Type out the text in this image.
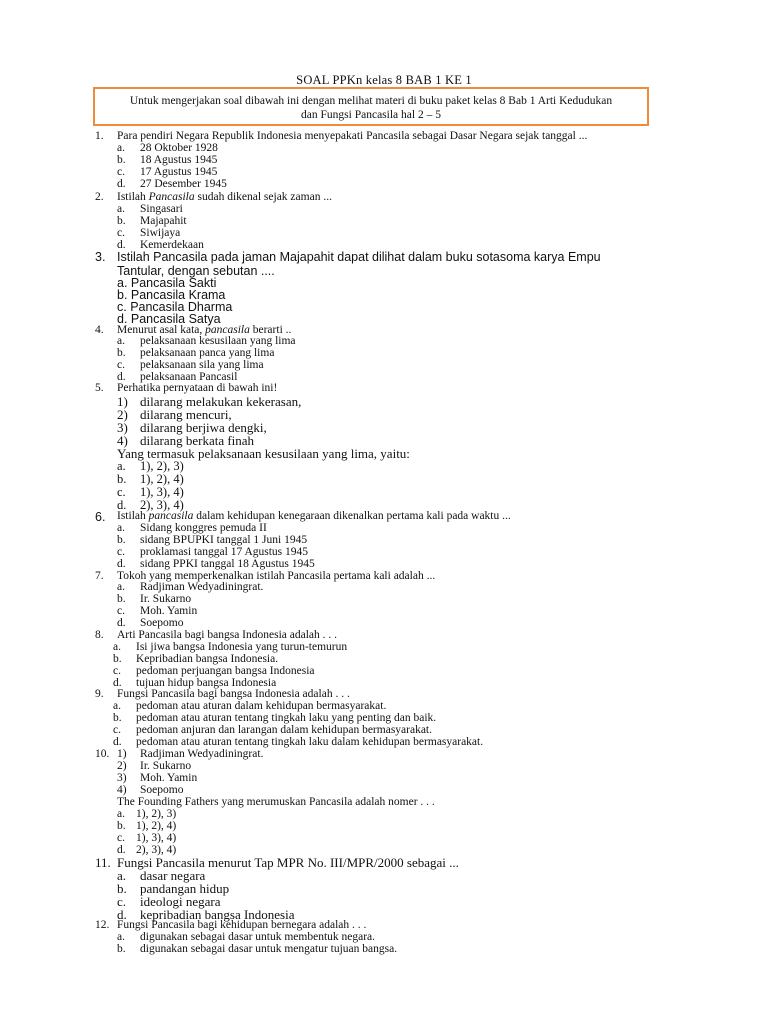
SOAL PPKn kelas 8 BAB 1 KE 1
Untuk mengerjakan soal dibawah ini dengan melihat materi di buku paket kelas 8 Bab 1 Arti Kedudukan
dan Fungsi Pancasila hal 2 – 5
1. Para pendiri Negara Republik Indonesia menyepakati Pancasila sebagai Dasar Negara sejak tanggal ...
a. 28 Oktober 1928
b. 18 Agustus 1945
c. 17 Agustus 1945
d. 27 Desember 1945
2. Istilah Pancasila sudah dikenal sejak zaman ...
a. Singasari
b. Majapahit
c. Siwijaya
d. Kemerdekaan
3. Istilah Pancasila pada jaman Majapahit dapat dilihat dalam buku sotasoma karya Empu
Tantular, dengan sebutan ....
a. Pancasila Sakti
b. Pancasila Krama
c. Pancasila Dharma
d. Pancasila Satya
4. Menurut asal kata, pancasila berarti ..
a. pelaksanaan kesusilaan yang lima
b. pelaksanaan panca yang lima
c. pelaksanaan sila yang lima
d. pelaksanaan Pancasil
5. Perhatika pernyataan di bawah ini!
1) dilarang melakukan kekerasan,
2) dilarang mencuri,
3) dilarang berjiwa dengki,
4) dilarang berkata finah
Yang termasuk pelaksanaan kesusilaan yang lima, yaitu:
a. 1), 2), 3)
b. 1), 2), 4)
c. 1), 3), 4)
d. 2), 3), 4)
6. Istilah pancasila dalam kehidupan kenegaraan dikenalkan pertama kali pada waktu ...
a. Sidang konggres pemuda II
b. sidang BPUPKI tanggal 1 Juni 1945
c. proklamasi tanggal 17 Agustus 1945
d. sidang PPKI tanggal 18 Agustus 1945
7. Tokoh yang memperkenalkan istilah Pancasila pertama kali adalah ...
a. Radjiman Wedyadiningrat.
b. Ir. Sukarno
c. Moh. Yamin
d. Soepomo
8. Arti Pancasila bagi bangsa Indonesia adalah . . .
a. Isi jiwa bangsa Indonesia yang turun-temurun
b. Kepribadian bangsa Indonesia.
c. pedoman perjuangan bangsa Indonesia
d. tujuan hidup bangsa Indonesia
9. Fungsi Pancasila bagi bangsa Indonesia adalah . . .
a. pedoman atau aturan dalam kehidupan bermasyarakat.
b. pedoman atau aturan tentang tingkah laku yang penting dan baik.
c. pedoman anjuran dan larangan dalam kehidupan bermasyarakat.
d. pedoman atau aturan tentang tingkah laku dalam kehidupan bermasyarakat.
10. 1) Radjiman Wedyadiningrat.
2) Ir. Sukarno
3) Moh. Yamin
4) Soepomo
The Founding Fathers yang merumuskan Pancasila adalah nomer . . .
a. 1), 2), 3)
b. 1), 2), 4)
c. 1), 3), 4)
d. 2), 3), 4)
11. Fungsi Pancasila menurut Tap MPR No. III/MPR/2000 sebagai ...
a. dasar negara
b. pandangan hidup
c. ideologi negara
d. kepribadian bangsa Indonesia
12. Fungsi Pancasila bagi kehidupan bernegara adalah . . .
a. digunakan sebagai dasar untuk membentuk negara.
b. digunakan sebagai dasar untuk mengatur tujuan bangsa.
